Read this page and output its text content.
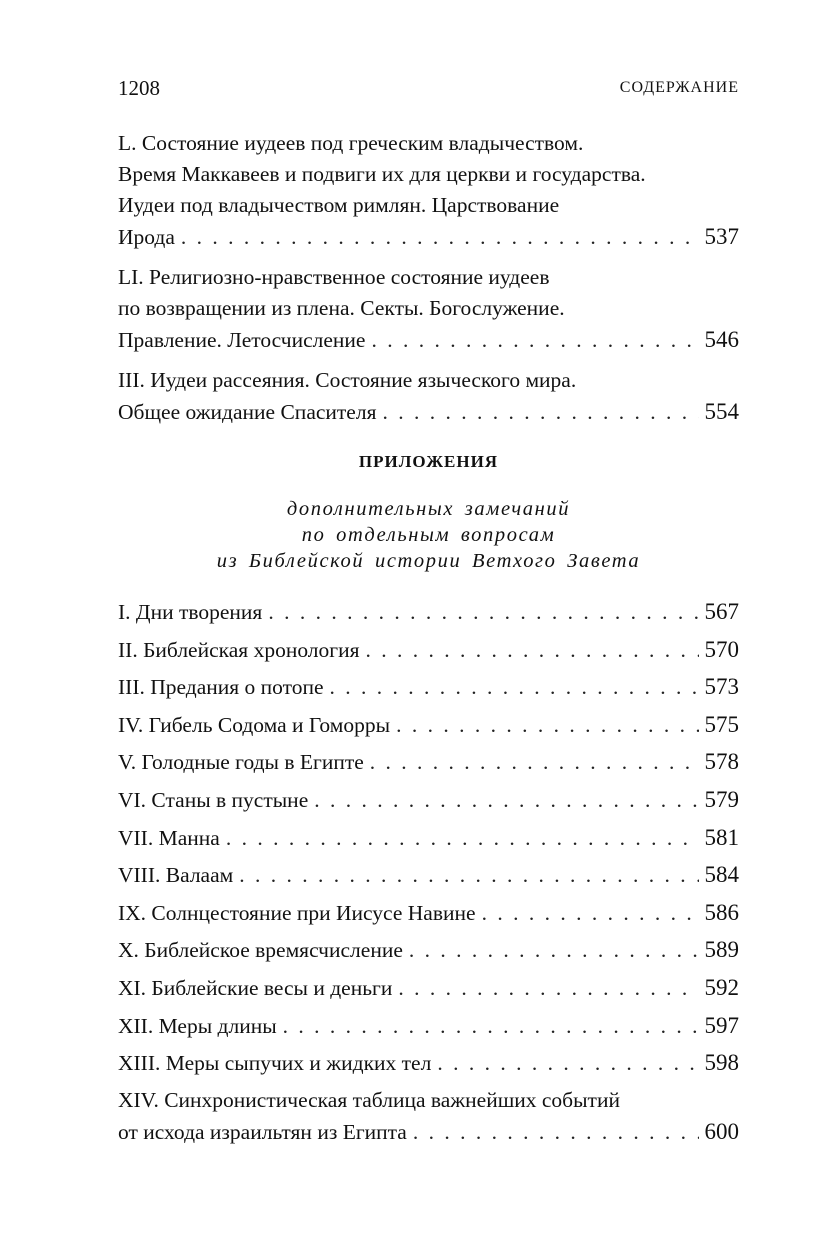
1208	СОДЕРЖАНИЕ
L. Состояние иудеев под греческим владычеством.
Время Маккавеев и подвиги их для церкви и государства.
Иудеи под владычеством римлян. Царствование
Ирода . . .	537
LI. Религиозно-нравственное состояние иудеев
по возвращении из плена. Секты. Богослужение.
Правление. Летосчисление . . .	546
III. Иудеи рассеяния. Состояние языческого мира.
Общее ожидание Спасителя . . .	554
ПРИЛОЖЕНИЯ
дополнительных замечаний
по отдельным вопросам
из Библейской истории Ветхого Завета
I. Дни творения . . .	567
II. Библейская хронология . . .	570
III. Предания о потопе . . .	573
IV. Гибель Содома и Гоморры . . .	575
V. Голодные годы в Египте . . .	578
VI. Станы в пустыне . . .	579
VII. Манна . . .	581
VIII. Валаам . . .	584
IX. Солнцестояние при Иисусе Навине . . .	586
X. Библейское времясчисление . . .	589
XI. Библейские весы и деньги . . .	592
XII. Меры длины . . .	597
XIII. Меры сыпучих и жидких тел . . .	598
XIV. Синхронистическая таблица важнейших событий
от исхода израильтян из Египта . . .	600
